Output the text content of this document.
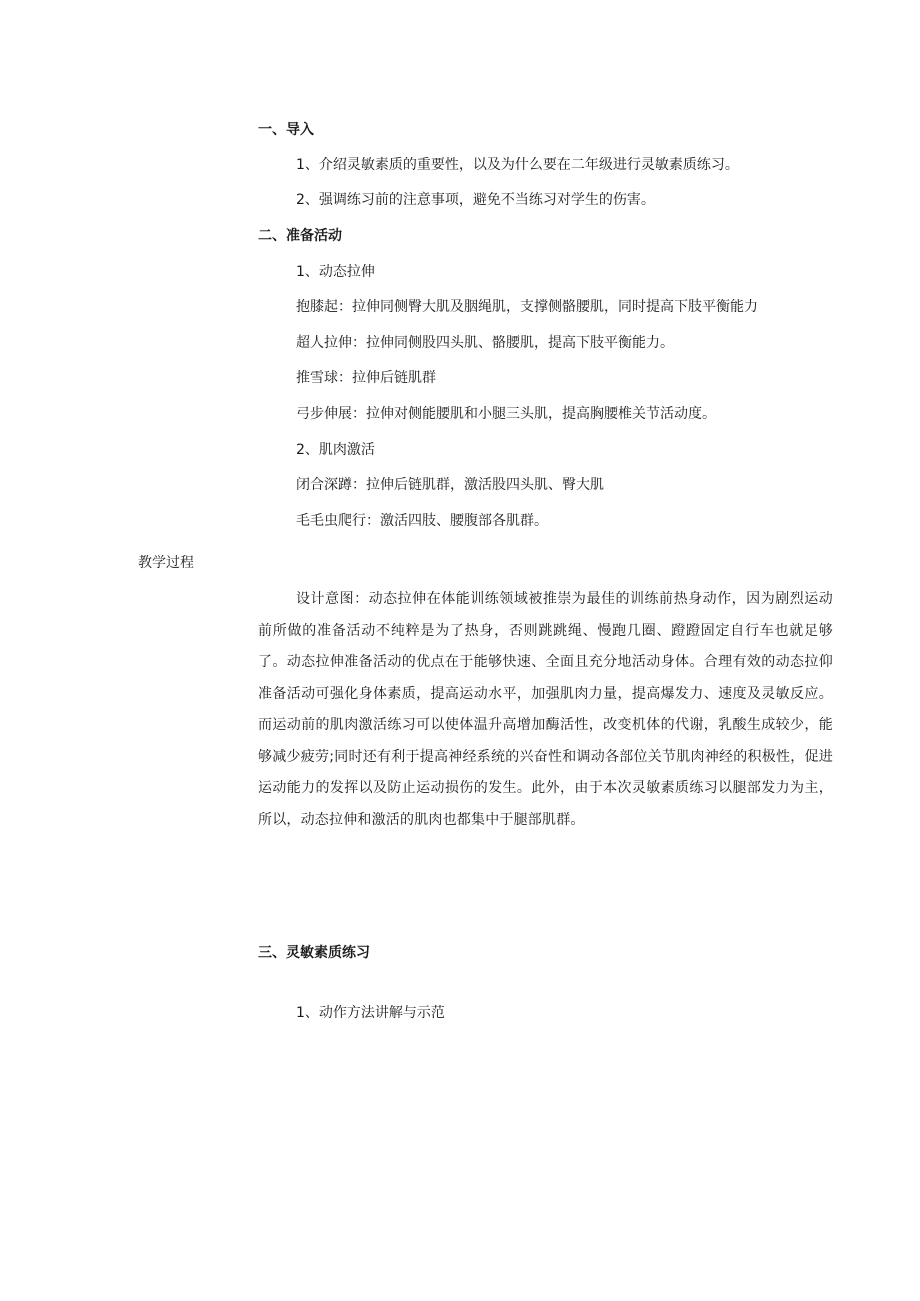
一、导入
1、介绍灵敏素质的重要性，以及为什么要在二年级进行灵敏素质练习。
2、强调练习前的注意事项，避免不当练习对学生的伤害。
二、准备活动
1、动态拉伸
抱膝起：拉伸同侧臀大肌及胭绳肌，支撑侧骼腰肌，同时提高下肢平衡能力
超人拉伸：拉伸同侧股四头肌、骼腰肌，提高下肢平衡能力。
推雪球：拉伸后链肌群
弓步伸展：拉伸对侧能腰肌和小腿三头肌，提高胸腰椎关节活动度。
2、肌肉激活
闭合深蹲：拉伸后链肌群，激活股四头肌、臀大肌
毛毛虫爬行：激活四肢、腰腹部各肌群。
教学过程
设计意图：动态拉伸在体能训练领域被推崇为最佳的训练前热身动作，因为剧烈运动前所做的准备活动不纯粹是为了热身，否则跳跳绳、慢跑几圈、蹬蹬固定自行车也就足够了。动态拉伸准备活动的优点在于能够快速、全面且充分地活动身体。合理有效的动态拉仰准备活动可强化身体素质，提高运动水平，加强肌肉力量，提高爆发力、速度及灵敏反应。而运动前的肌肉激活练习可以使体温升高增加酶活性，改变机体的代谢，乳酸生成较少，能够减少疲劳;同时还有利于提高神经系统的兴奋性和调动各部位关节肌肉神经的积极性，促进运动能力的发挥以及防止运动损伤的发生。此外，由于本次灵敏素质练习以腿部发力为主，所以，动态拉伸和激活的肌肉也都集中于腿部肌群。
三、灵敏素质练习
1、动作方法讲解与示范
